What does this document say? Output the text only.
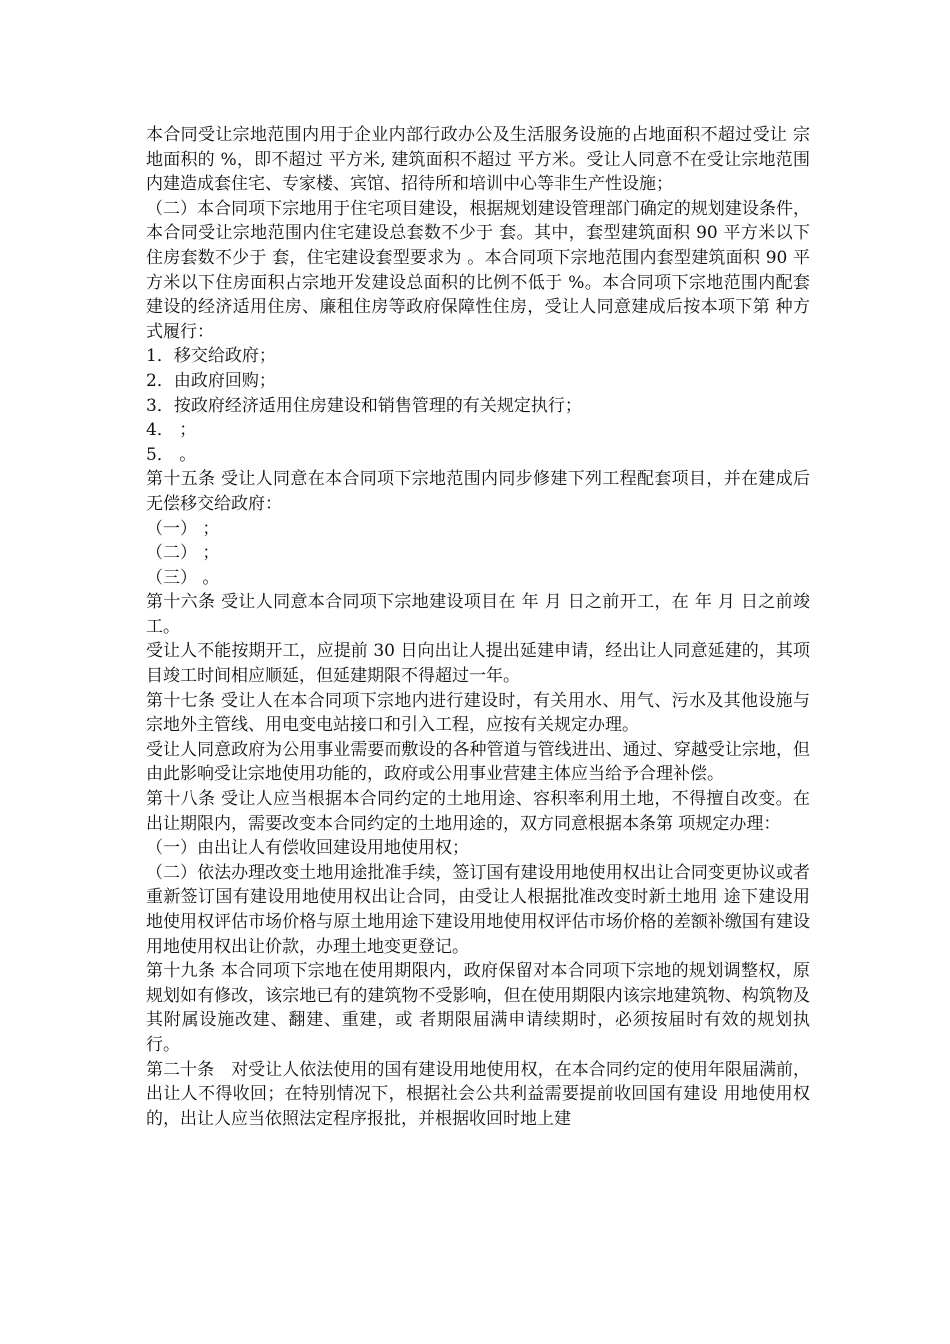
本合同受让宗地范围内用于企业内部行政办公及生活服务设施的占地面积不超过受让 宗地面积的 %，即不超过 平方米, 建筑面积不超过 平方米。受让人同意不在受让宗地范围内建造成套住宅、专家楼、宾馆、招待所和培训中心等非生产性设施；

（二）本合同项下宗地用于住宅项目建设，根据规划建设管理部门确定的规划建设条件，本合同受让宗地范围内住宅建设总套数不少于 套。其中，套型建筑面积 90 平方米以下住房套数不少于 套，住宅建设套型要求为 。本合同项下宗地范围内套型建筑面积 90 平方米以下住房面积占宗地开发建设总面积的比例不低于 %。本合同项下宗地范围内配套建设的经济适用住房、廉租住房等政府保障性住房，受让人同意建成后按本项下第 种方式履行：

1．移交给政府；

2．由政府回购；

3．按政府经济适用住房建设和销售管理的有关规定执行；

4． ；

5． 。

第十五条 受让人同意在本合同项下宗地范围内同步修建下列工程配套项目，并在建成后无偿移交给政府：

（一） ；

（二） ；

（三） 。

第十六条 受让人同意本合同项下宗地建设项目在 年 月 日之前开工，在 年 月 日之前竣工。

受让人不能按期开工，应提前 30 日向出让人提出延建申请，经出让人同意延建的，其项目竣工时间相应顺延，但延建期限不得超过一年。

第十七条 受让人在本合同项下宗地内进行建设时，有关用水、用气、污水及其他设施与宗地外主管线、用电变电站接口和引入工程，应按有关规定办理。

受让人同意政府为公用事业需要而敷设的各种管道与管线进出、通过、穿越受让宗地，但由此影响受让宗地使用功能的，政府或公用事业营建主体应当给予合理补偿。

第十八条 受让人应当根据本合同约定的土地用途、容积率利用土地，不得擅自改变。在出让期限内，需要改变本合同约定的土地用途的，双方同意根据本条第 项规定办理：

（一）由出让人有偿收回建设用地使用权；

（二）依法办理改变土地用途批准手续，签订国有建设用地使用权出让合同变更协议或者重新签订国有建设用地使用权出让合同，由受让人根据批准改变时新土地用 途下建设用地使用权评估市场价格与原土地用途下建设用地使用权评估市场价格的差额补缴国有建设用地使用权出让价款，办理土地变更登记。

第十九条 本合同项下宗地在使用期限内，政府保留对本合同项下宗地的规划调整权，原规划如有修改，该宗地已有的建筑物不受影响，但在使用期限内该宗地建筑物、构筑物及其附属设施改建、翻建、重建，或 者期限届满申请续期时，必须按届时有效的规划执行。

第二十条　对受让人依法使用的国有建设用地使用权，在本合同约定的使用年限届满前，出让人不得收回；在特别情况下，根据社会公共利益需要提前收回国有建设 用地使用权的，出让人应当依照法定程序报批，并根据收回时地上建
